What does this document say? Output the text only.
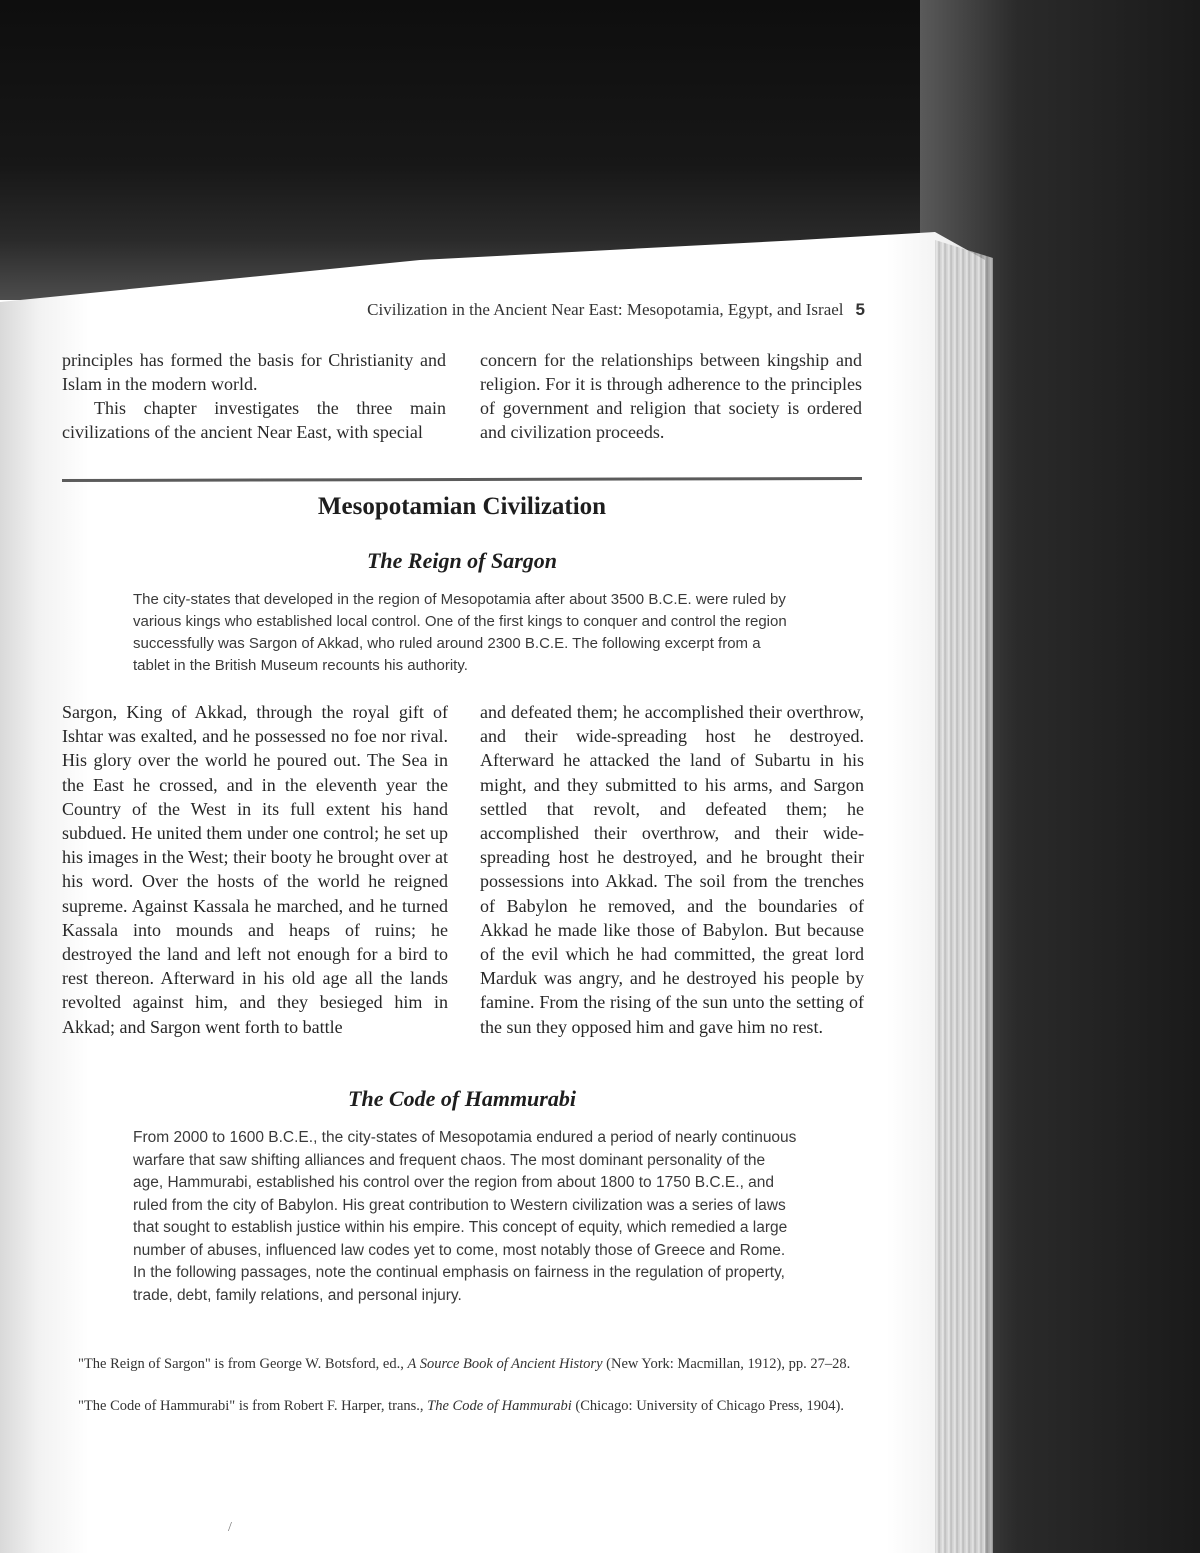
Civilization in the Ancient Near East: Mesopotamia, Egypt, and Israel 5

principles has formed the basis for Christianity and Islam in the modern world.

This chapter investigates the three main civilizations of the ancient Near East, with special

concern for the relationships between kingship and religion. For it is through adherence to the principles of government and religion that society is ordered and civilization proceeds.

Mesopotamian Civilization
The Reign of Sargon
The city-states that developed in the region of Mesopotamia after about 3500 B.C.E. were ruled by various kings who established local control. One of the first kings to conquer and control the region successfully was Sargon of Akkad, who ruled around 2300 B.C.E. The following excerpt from a tablet in the British Museum recounts his authority.
Sargon, King of Akkad, through the royal gift of Ishtar was exalted, and he possessed no foe nor rival. His glory over the world he poured out. The Sea in the East he crossed, and in the eleventh year the Country of the West in its full extent his hand subdued. He united them under one control; he set up his images in the West; their booty he brought over at his word. Over the hosts of the world he reigned supreme. Against Kassala he marched, and he turned Kassala into mounds and heaps of ruins; he destroyed the land and left not enough for a bird to rest thereon. Afterward in his old age all the lands revolted against him, and they besieged him in Akkad; and Sargon went forth to battle
and defeated them; he accomplished their overthrow, and their wide-spreading host he destroyed. Afterward he attacked the land of Subartu in his might, and they submitted to his arms, and Sargon settled that revolt, and defeated them; he accomplished their overthrow, and their wide-spreading host he destroyed, and he brought their possessions into Akkad. The soil from the trenches of Babylon he removed, and the boundaries of Akkad he made like those of Babylon. But because of the evil which he had committed, the great lord Marduk was angry, and he destroyed his people by famine. From the rising of the sun unto the setting of the sun they opposed him and gave him no rest.
The Code of Hammurabi
From 2000 to 1600 B.C.E., the city-states of Mesopotamia endured a period of nearly continuous warfare that saw shifting alliances and frequent chaos. The most dominant personality of the age, Hammurabi, established his control over the region from about 1800 to 1750 B.C.E., and ruled from the city of Babylon. His great contribution to Western civilization was a series of laws that sought to establish justice within his empire. This concept of equity, which remedied a large number of abuses, influenced law codes yet to come, most notably those of Greece and Rome. In the following passages, note the continual emphasis on fairness in the regulation of property, trade, debt, family relations, and personal injury.

"The Reign of Sargon" is from George W. Botsford, ed., A Source Book of Ancient History (New York: Macmillan, 1912), pp. 27–28.

"The Code of Hammurabi" is from Robert F. Harper, trans., The Code of Hammurabi (Chicago: University of Chicago Press, 1904).

/
